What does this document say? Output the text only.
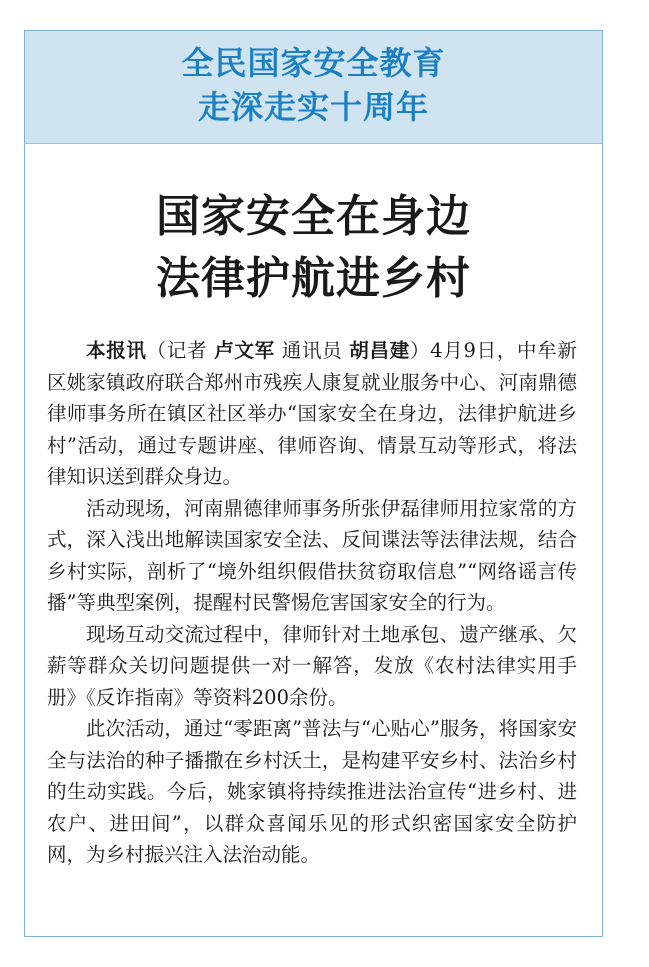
全民国家安全教育
走深走实十周年
国家安全在身边
法律护航进乡村

本报讯（记者 卢文军 通讯员 胡昌建）4月9日，中牟新区姚家镇政府联合郑州市残疾人康复就业服务中心、河南鼎德律师事务所在镇区社区举办“国家安全在身边，法律护航进乡村”活动，通过专题讲座、律师咨询、情景互动等形式，将法律知识送到群众身边。

活动现场，河南鼎德律师事务所张伊磊律师用拉家常的方式，深入浅出地解读国家安全法、反间谍法等法律法规，结合乡村实际，剖析了“境外组织假借扶贫窃取信息”“网络谣言传播”等典型案例，提醒村民警惕危害国家安全的行为。

现场互动交流过程中，律师针对土地承包、遗产继承、欠薪等群众关切问题提供一对一解答，发放《农村法律实用手册》《反诈指南》等资料200余份。

此次活动，通过“零距离”普法与“心贴心”服务，将国家安全与法治的种子播撒在乡村沃土，是构建平安乡村、法治乡村的生动实践。今后，姚家镇将持续推进法治宣传“进乡村、进农户、进田间”，以群众喜闻乐见的形式织密国家安全防护网，为乡村振兴注入法治动能。
